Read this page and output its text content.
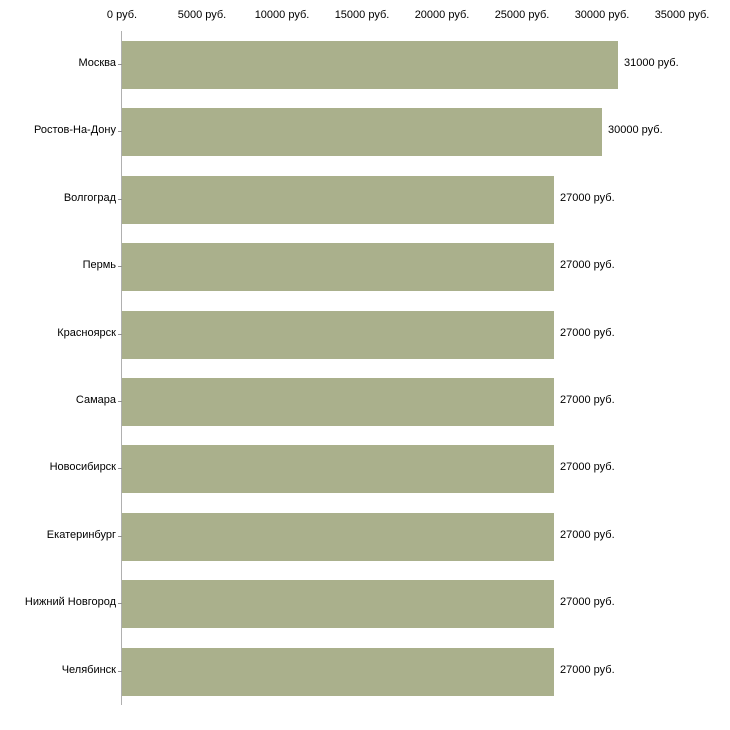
0 руб.	5000 руб.	10000 руб. 15000 руб. 20000 руб. 25000 руб. 30000 руб. 35000 руб.
Москва	31000 руб.
Ростов-На-Дону	30000 руб.
Волгоград	27000 руб.
Пермь	27000 руб.
Красноярск	27000 руб.
Самара	27000 руб.
Новосибирск	27000 руб.
Екатеринбург	27000 руб.
Нижний Новгород	27000 руб.
Челябинск	27000 руб.
